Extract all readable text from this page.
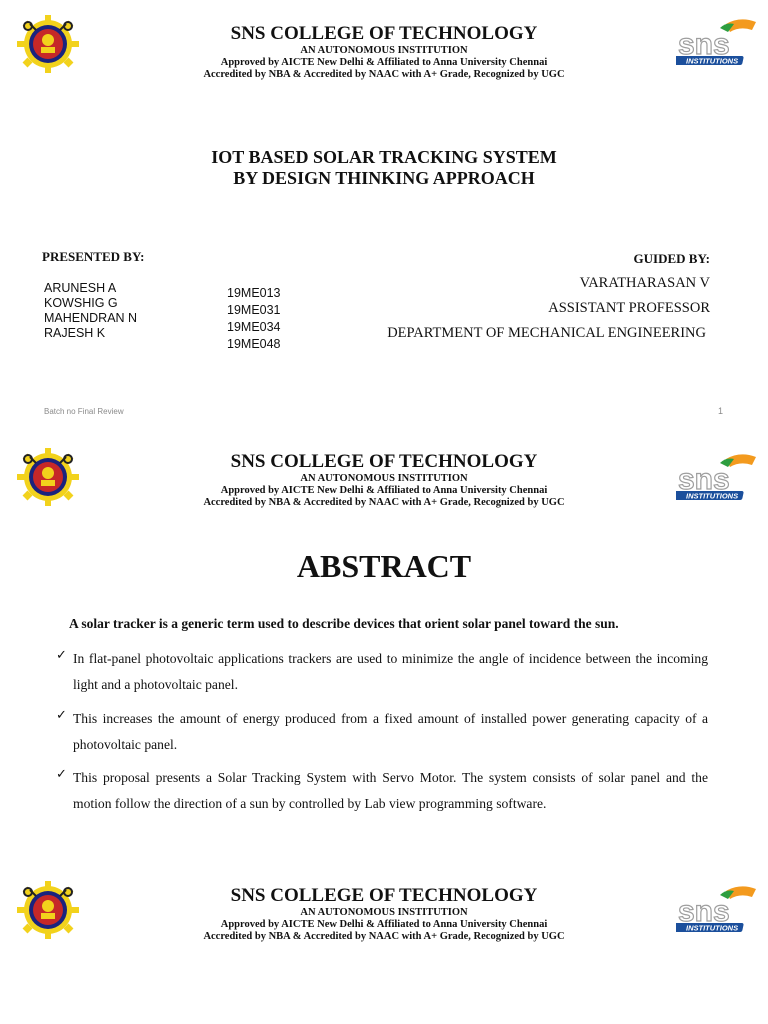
SNS COLLEGE OF TECHNOLOGY
AN AUTONOMOUS INSTITUTION
Approved by AICTE New Delhi & Affiliated to Anna University Chennai
Accredited by NBA & Accredited by NAAC with A+ Grade, Recognized by UGC
IOT BASED SOLAR TRACKING SYSTEM
BY DESIGN THINKING APPROACH
PRESENTED BY:
ARUNESH A
KOWSHIG G
MAHENDRAN N
RAJESH K
19ME013
19ME031
19ME034
19ME048
GUIDED BY:
VARATHARASAN V
ASSISTANT PROFESSOR
DEPARTMENT OF MECHANICAL ENGINEERING
Batch no Final Review	1
SNS COLLEGE OF TECHNOLOGY
AN AUTONOMOUS INSTITUTION
Approved by AICTE New Delhi & Affiliated to Anna University Chennai
Accredited by NBA & Accredited by NAAC with A+ Grade, Recognized by UGC
ABSTRACT
A solar tracker is a generic term used to describe devices that orient solar panel toward the sun.
✓ In flat-panel photovoltaic applications trackers are used to minimize the angle of incidence between the incoming light and a photovoltaic panel.
✓ This increases the amount of energy produced from a fixed amount of installed power generating capacity of a photovoltaic panel.
✓ This proposal presents a Solar Tracking System with Servo Motor. The system consists of solar panel and the motion follow the direction of a sun by controlled by Lab view programming software.
SNS COLLEGE OF TECHNOLOGY
AN AUTONOMOUS INSTITUTION
Approved by AICTE New Delhi & Affiliated to Anna University Chennai
Accredited by NBA & Accredited by NAAC with A+ Grade, Recognized by UGC
